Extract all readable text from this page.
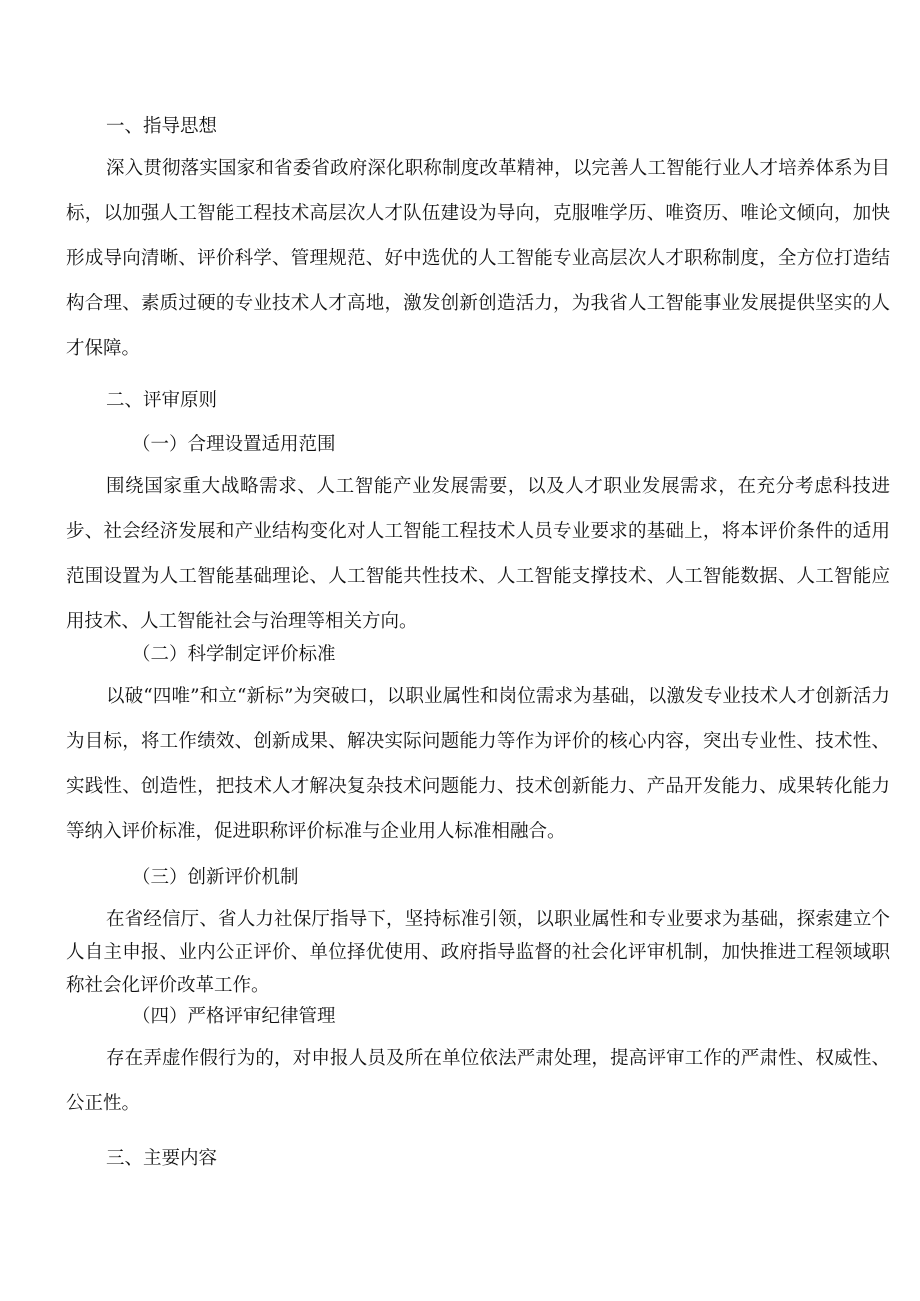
一、指导思想

深入贯彻落实国家和省委省政府深化职称制度改革精神，以完善人工智能行业人才培养体系为目标，以加强人工智能工程技术高层次人才队伍建设为导向，克服唯学历、唯资历、唯论文倾向，加快形成导向清晰、评价科学、管理规范、好中选优的人工智能专业高层次人才职称制度，全方位打造结构合理、素质过硬的专业技术人才高地，激发创新创造活力，为我省人工智能事业发展提供坚实的人才保障。

二、评审原则

（一）合理设置适用范围

围绕国家重大战略需求、人工智能产业发展需要，以及人才职业发展需求，在充分考虑科技进步、社会经济发展和产业结构变化对人工智能工程技术人员专业要求的基础上，将本评价条件的适用范围设置为人工智能基础理论、人工智能共性技术、人工智能支撑技术、人工智能数据、人工智能应用技术、人工智能社会与治理等相关方向。

（二）科学制定评价标准

以破“四唯”和立“新标”为突破口，以职业属性和岗位需求为基础，以激发专业技术人才创新活力为目标，将工作绩效、创新成果、解决实际问题能力等作为评价的核心内容，突出专业性、技术性、实践性、创造性，把技术人才解决复杂技术问题能力、技术创新能力、产品开发能力、成果转化能力等纳入评价标准，促进职称评价标准与企业用人标准相融合。

（三）创新评价机制

在省经信厅、省人力社保厅指导下，坚持标准引领，以职业属性和专业要求为基础，探索建立个人自主申报、业内公正评价、单位择优使用、政府指导监督的社会化评审机制，加快推进工程领域职称社会化评价改革工作。

（四）严格评审纪律管理

存在弄虚作假行为的，对申报人员及所在单位依法严肃处理，提高评审工作的严肃性、权威性、公正性。

三、主要内容
